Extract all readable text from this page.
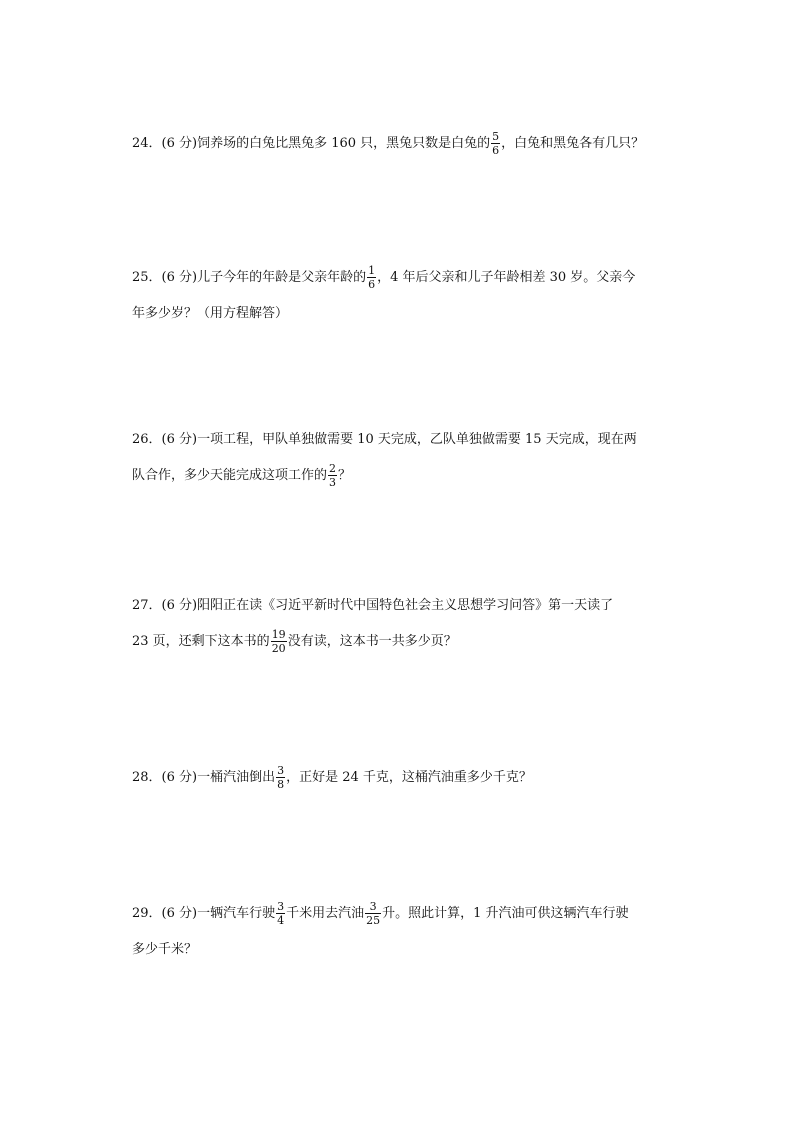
24．(6 分)饲养场的白兔比黑兔多 160 只，黑兔只数是白兔的 $\frac{5}{6}$ ，白兔和黑兔各有几只？
25．(6 分)儿子今年的年龄是父亲年龄的 $\frac{1}{6}$ ，4 年后父亲和儿子年龄相差 30 岁。父亲今
年多少岁？（用方程解答）
26．(6 分)一项工程，甲队单独做需要 10 天完成，乙队单独做需要 15 天完成，现在两
队合作，多少天能完成这项工作的 $\frac{2}{3}$ ？
27．(6 分)阳阳正在读《习近平新时代中国特色社会主义思想学习问答》第一天读了
23 页，还剩下这本书的 $\frac{19}{20}$ 没有读，这本书一共多少页？
28．(6 分)一桶汽油倒出 $\frac{3}{8}$ ，正好是 24 千克，这桶汽油重多少千克？
29．(6 分)一辆汽车行驶 $\frac{3}{4}$ 千米用去汽油 $\frac{3}{25}$ 升。照此计算，1 升汽油可供这辆汽车行驶
多少千米？
